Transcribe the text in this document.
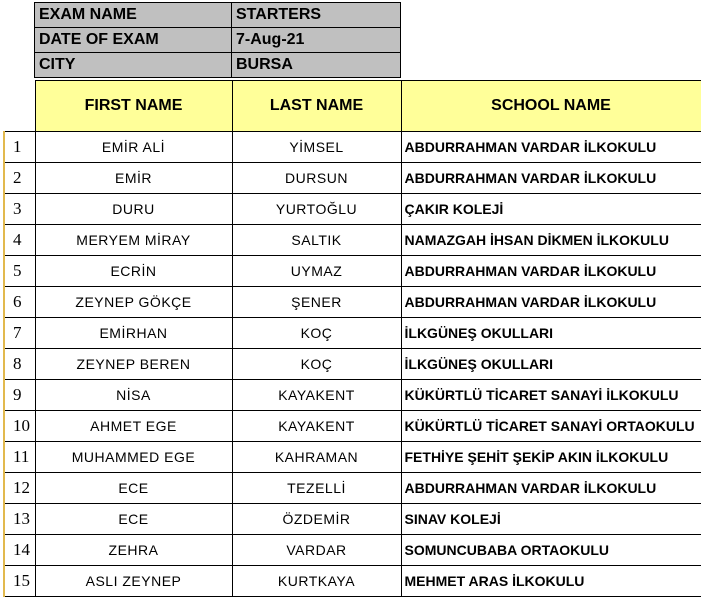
EXAM NAME	STARTERS
DATE OF EXAM	7-Aug-21
CITY	BURSA
	FIRST NAME	LAST NAME	SCHOOL NAME
1	EMİR ALİ	YİMSEL	ABDURRAHMAN VARDAR İLKOKULU
2	EMİR	DURSUN	ABDURRAHMAN VARDAR İLKOKULU
3	DURU	YURTOĞLU	ÇAKIR KOLEJİ
4	MERYEM MİRAY	SALTIK	NAMAZGAH İHSAN DİKMEN İLKOKULU
5	ECRİN	UYMAZ	ABDURRAHMAN VARDAR İLKOKULU
6	ZEYNEP GÖKÇE	ŞENER	ABDURRAHMAN VARDAR İLKOKULU
7	EMİRHAN	KOÇ	İLKGÜNEŞ OKULLARI
8	ZEYNEP BEREN	KOÇ	İLKGÜNEŞ OKULLARI
9	NİSA	KAYAKENT	KÜKÜRTLÜ TİCARET SANAYİ İLKOKULU
10	AHMET EGE	KAYAKENT	KÜKÜRTLÜ TİCARET SANAYİ ORTAOKULU
11	MUHAMMED EGE	KAHRAMAN	FETHİYE ŞEHİT ŞEKİP AKIN İLKOKULU
12	ECE	TEZELLİ	ABDURRAHMAN VARDAR İLKOKULU
13	ECE	ÖZDEMİR	SINAV KOLEJİ
14	ZEHRA	VARDAR	SOMUNCUBABA ORTAOKULU
15	ASLI ZEYNEP	KURTKAYA	MEHMET ARAS İLKOKULU
